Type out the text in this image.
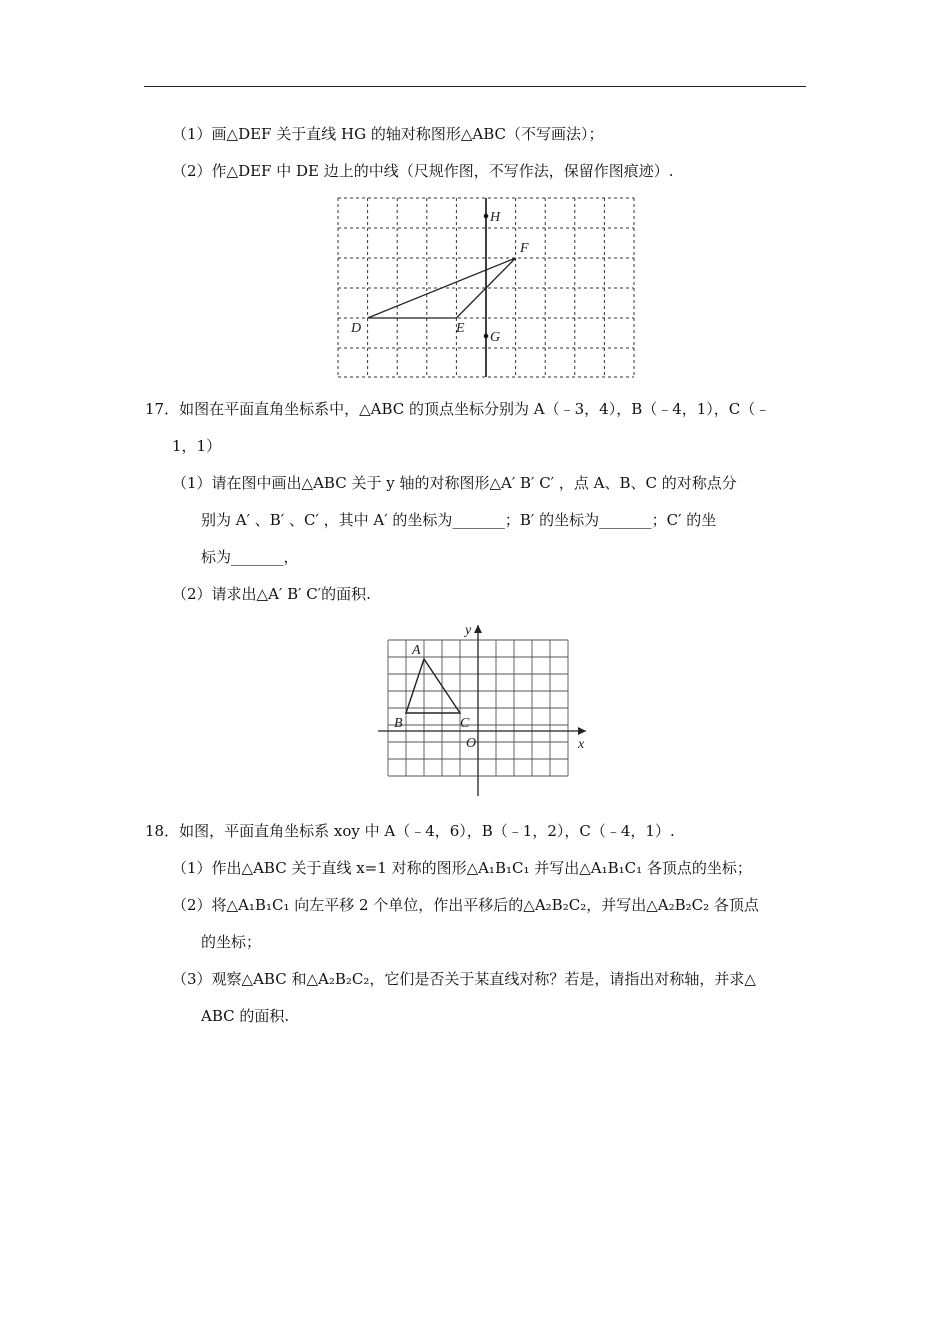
（1）画△DEF 关于直线 HG 的轴对称图形△ABC（不写画法）；
（2）作△DEF 中 DE 边上的中线（尺规作图，不写作法，保留作图痕迹）.
H
F
D	E
G
17．如图在平面直角坐标系中，△ABC 的顶点坐标分别为 A（﹣3，4），B（﹣4，1），C（﹣
1，1）
（1）请在图中画出△ABC 关于 y 轴的对称图形△A′ B′ C′ ，点 A、B、C 的对称点分
别为 A′ 、B′ 、C′ ，其中 A′ 的坐标为_______；B′ 的坐标为_______；C′ 的坐
标为_______，
（2）请求出△A′ B′ C′的面积.
A
B	C
O	x
y
18．如图，平面直角坐标系 xoy 中 A（﹣4，6），B（﹣1，2），C（﹣4，1）.
（1）作出△ABC 关于直线 x=1 对称的图形△A₁B₁C₁ 并写出△A₁B₁C₁ 各顶点的坐标；
（2）将△A₁B₁C₁ 向左平移 2 个单位，作出平移后的△A₂B₂C₂，并写出△A₂B₂C₂ 各顶点
的坐标；
（3）观察△ABC 和△A₂B₂C₂，它们是否关于某直线对称？若是，请指出对称轴，并求△
ABC 的面积.
